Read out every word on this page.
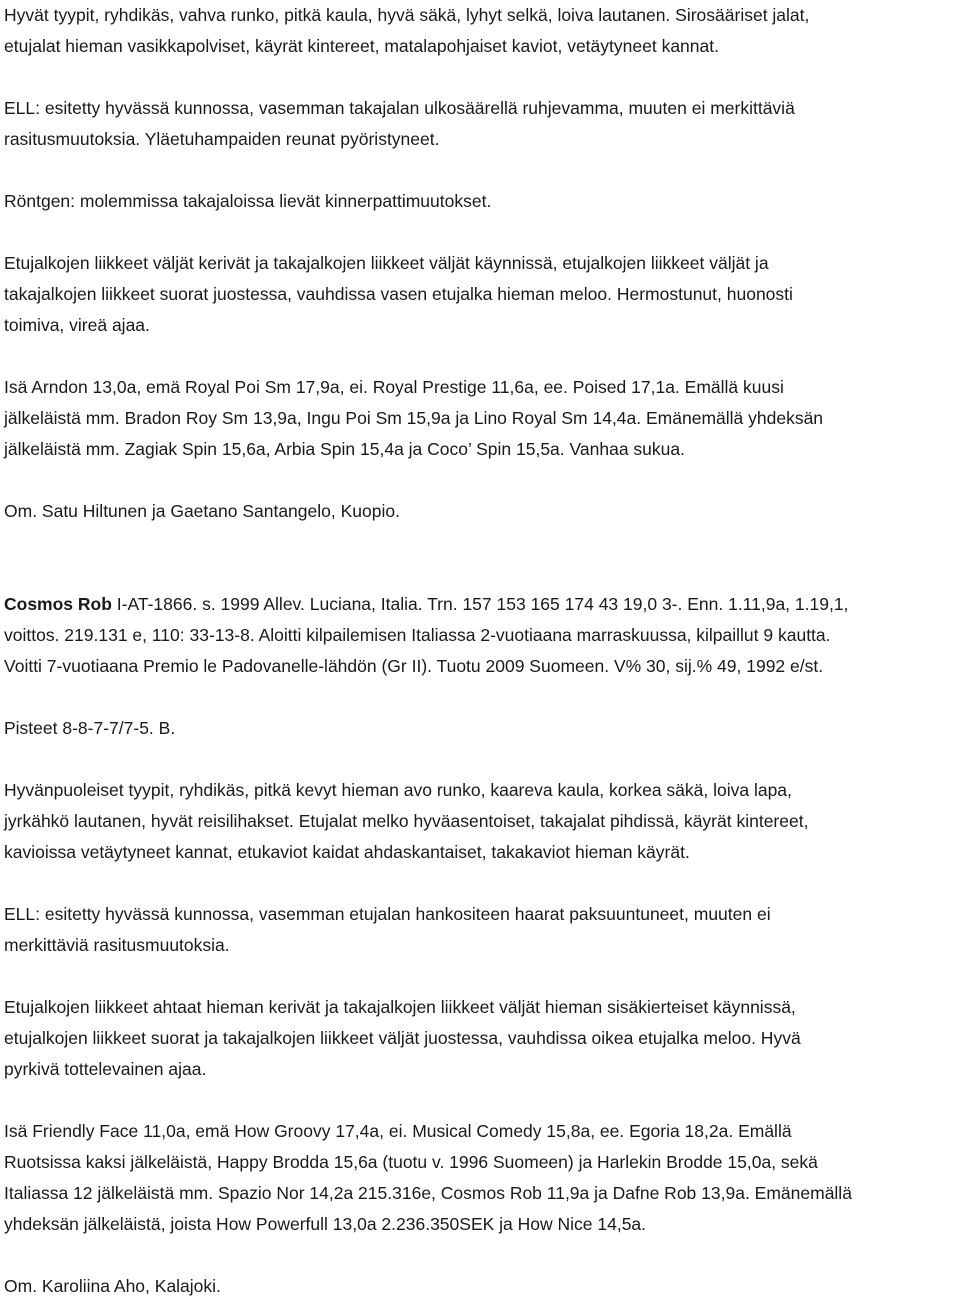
Hyvät tyypit, ryhdikäs, vahva runko, pitkä kaula, hyvä säkä, lyhyt selkä, loiva lautanen. Sirosääriset jalat,
etujalat hieman vasikkapolviset, käyrät kintereet, matalapohjaiset kaviot, vetäytyneet kannat.
ELL: esitetty hyvässä kunnossa, vasemman takajalan ulkosäärellä ruhjevamma, muuten ei merkittäviä
rasitusmuutoksia. Yläetuhampaiden reunat pyöristyneet.
Röntgen: molemmissa takajaloissa lievät kinnerpattimuutokset.
Etujalkojen liikkeet väljät kerivät ja takajalkojen liikkeet väljät käynnissä, etujalkojen liikkeet väljät ja
takajalkojen liikkeet suorat juostessa, vauhdissa vasen etujalka hieman meloo. Hermostunut, huonosti
toimiva, vireä ajaa.
Isä Arndon 13,0a, emä Royal Poi Sm 17,9a, ei. Royal Prestige 11,6a, ee. Poised 17,1a. Emällä kuusi
jälkeläistä mm. Bradon Roy Sm 13,9a, Ingu Poi Sm 15,9a ja Lino Royal Sm 14,4a. Emänemällä yhdeksän
jälkeläistä mm. Zagiak Spin 15,6a, Arbia Spin 15,4a ja Coco’ Spin 15,5a. Vanhaa sukua.
Om. Satu Hiltunen ja Gaetano Santangelo, Kuopio.
Cosmos Rob I-AT-1866. s. 1999 Allev. Luciana, Italia. Trn. 157 153 165 174 43 19,0 3-. Enn. 1.11,9a, 1.19,1,
voittos. 219.131 e, 110: 33-13-8. Aloitti kilpailemisen Italiassa 2-vuotiaana marraskuussa, kilpaillut 9 kautta.
Voitti 7-vuotiaana Premio le Padovanelle-lähdön (Gr II). Tuotu 2009 Suomeen. V% 30, sij.% 49, 1992 e/st.
Pisteet 8-8-7-7/7-5. B.
Hyvänpuoleiset tyypit, ryhdikäs, pitkä kevyt hieman avo runko, kaareva kaula, korkea säkä, loiva lapa,
jyrkähkö lautanen, hyvät reisilihakset. Etujalat melko hyväasentoiset, takajalat pihdissä, käyrät kintereet,
kavioissa vetäytyneet kannat, etukaviot kaidat ahdaskantaiset, takakaviot hieman käyrät.
ELL: esitetty hyvässä kunnossa, vasemman etujalan hankositeen haarat paksuuntuneet, muuten ei
merkittäviä rasitusmuutoksia.
Etujalkojen liikkeet ahtaat hieman kerivät ja takajalkojen liikkeet väljät hieman sisäkierteiset käynnissä,
etujalkojen liikkeet suorat ja takajalkojen liikkeet väljät juostessa, vauhdissa oikea etujalka meloo. Hyvä
pyrkivä tottelevainen ajaa.
Isä Friendly Face 11,0a, emä How Groovy 17,4a, ei. Musical Comedy 15,8a, ee. Egoria 18,2a. Emällä
Ruotsissa kaksi jälkeläistä, Happy Brodda 15,6a (tuotu v. 1996 Suomeen) ja Harlekin Brodde 15,0a, sekä
Italiassa 12 jälkeläistä mm. Spazio Nor 14,2a 215.316e, Cosmos Rob 11,9a ja Dafne Rob 13,9a. Emänemällä
yhdeksän jälkeläistä, joista How Powerfull 13,0a 2.236.350SEK ja How Nice 14,5a.
Om. Karoliina Aho, Kalajoki.
